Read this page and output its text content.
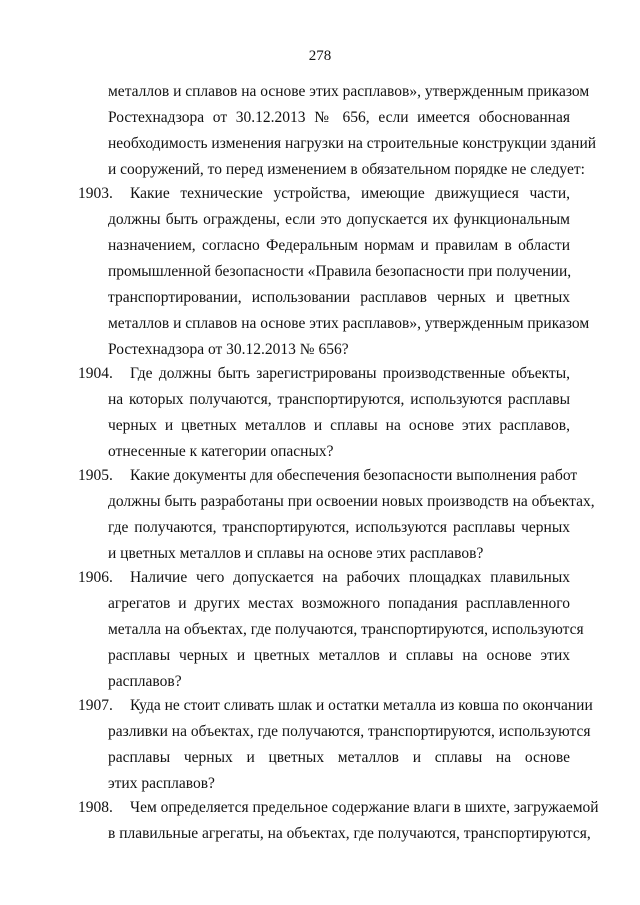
278
металлов и сплавов на основе этих расплавов», утвержденным приказом
Ростехнадзора от 30.12.2013 № 656, если имеется обоснованная
необходимость изменения нагрузки на строительные конструкции зданий
и сооружений, то перед изменением в обязательном порядке не следует:
1903. Какие технические устройства, имеющие движущиеся части,
должны быть ограждены, если это допускается их функциональным
назначением, согласно Федеральным нормам и правилам в области
промышленной безопасности «Правила безопасности при получении,
транспортировании, использовании расплавов черных и цветных
металлов и сплавов на основе этих расплавов», утвержденным приказом
Ростехнадзора от 30.12.2013 № 656?
1904. Где должны быть зарегистрированы производственные объекты,
на которых получаются, транспортируются, используются расплавы
черных и цветных металлов и сплавы на основе этих расплавов,
отнесенные к категории опасных?
1905. Какие документы для обеспечения безопасности выполнения работ
должны быть разработаны при освоении новых производств на объектах,
где получаются, транспортируются, используются расплавы черных
и цветных металлов и сплавы на основе этих расплавов?
1906. Наличие чего допускается на рабочих площадках плавильных
агрегатов и других местах возможного попадания расплавленного
металла на объектах, где получаются, транспортируются, используются
расплавы черных и цветных металлов и сплавы на основе этих
расплавов?
1907. Куда не стоит сливать шлак и остатки металла из ковша по окончании
разливки на объектах, где получаются, транспортируются, используются
расплавы черных и цветных металлов и сплавы на основе
этих расплавов?
1908. Чем определяется предельное содержание влаги в шихте, загружаемой
в плавильные агрегаты, на объектах, где получаются, транспортируются,
